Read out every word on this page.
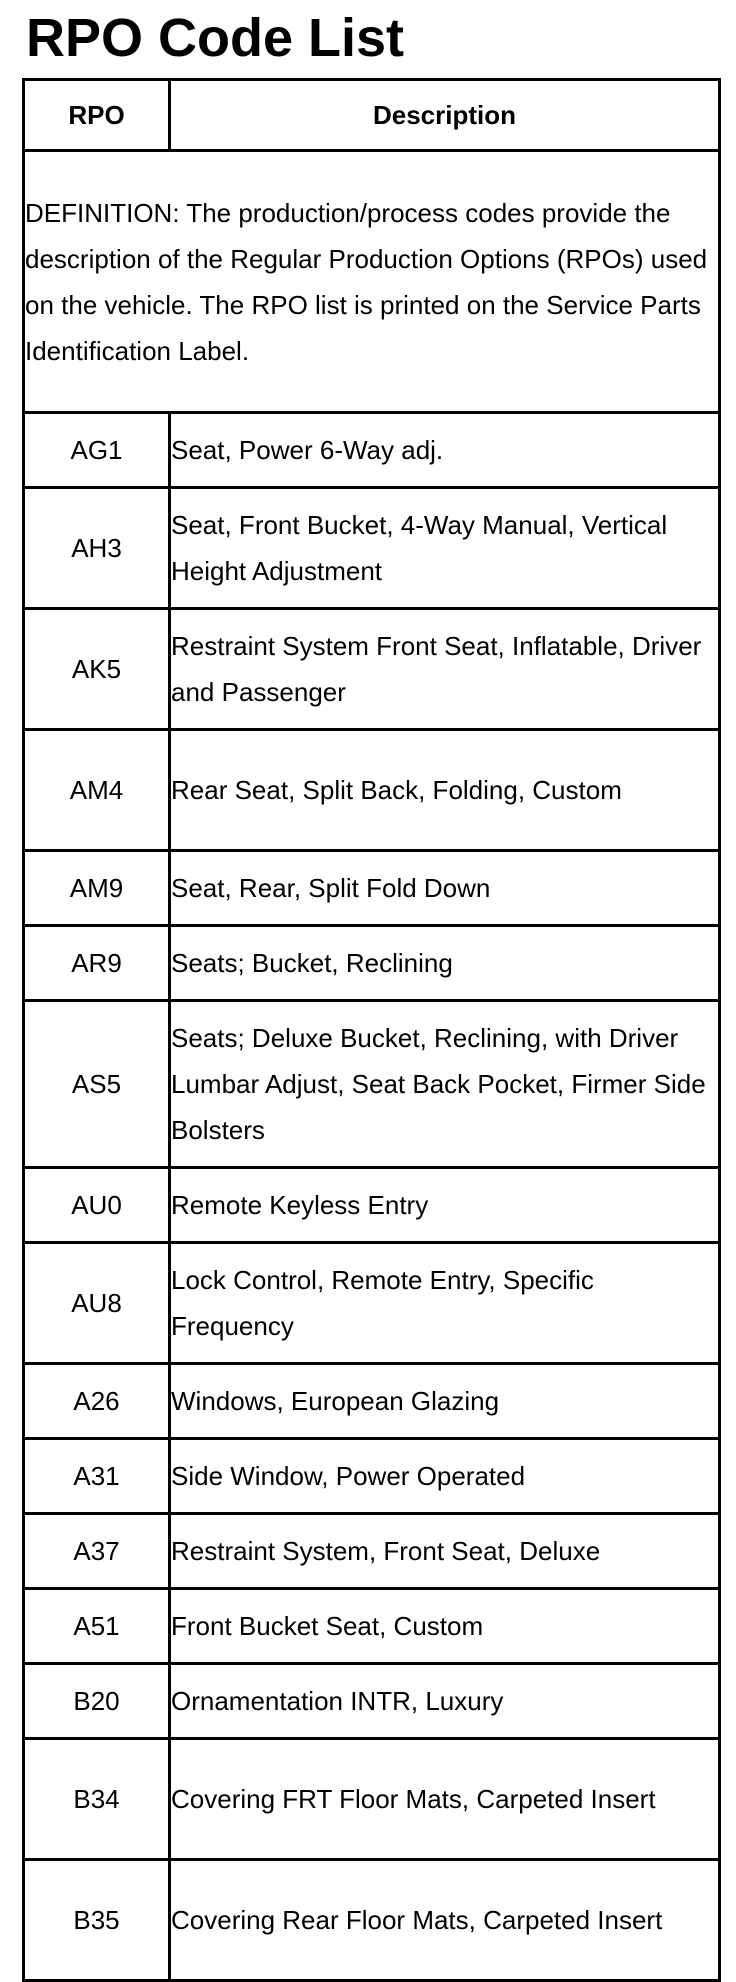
RPO Code List
RPO	Description
DEFINITION: The production/process codes provide the description of the Regular Production Options (RPOs) used on the vehicle. The RPO list is printed on the Service Parts Identification Label.	
AG1	Seat, Power 6-Way adj.
AH3	Seat, Front Bucket, 4-Way Manual, Vertical Height Adjustment
AK5	Restraint System Front Seat, Inflatable, Driver and Passenger
AM4	Rear Seat, Split Back, Folding, Custom
AM9	Seat, Rear, Split Fold Down
AR9	Seats; Bucket, Reclining
AS5	Seats; Deluxe Bucket, Reclining, with Driver Lumbar Adjust, Seat Back Pocket, Firmer Side Bolsters
AU0	Remote Keyless Entry
AU8	Lock Control, Remote Entry, Specific Frequency
A26	Windows, European Glazing
A31	Side Window, Power Operated
A37	Restraint System, Front Seat, Deluxe
A51	Front Bucket Seat, Custom
B20	Ornamentation INTR, Luxury
B34	Covering FRT Floor Mats, Carpeted Insert
B35	Covering Rear Floor Mats, Carpeted Insert
